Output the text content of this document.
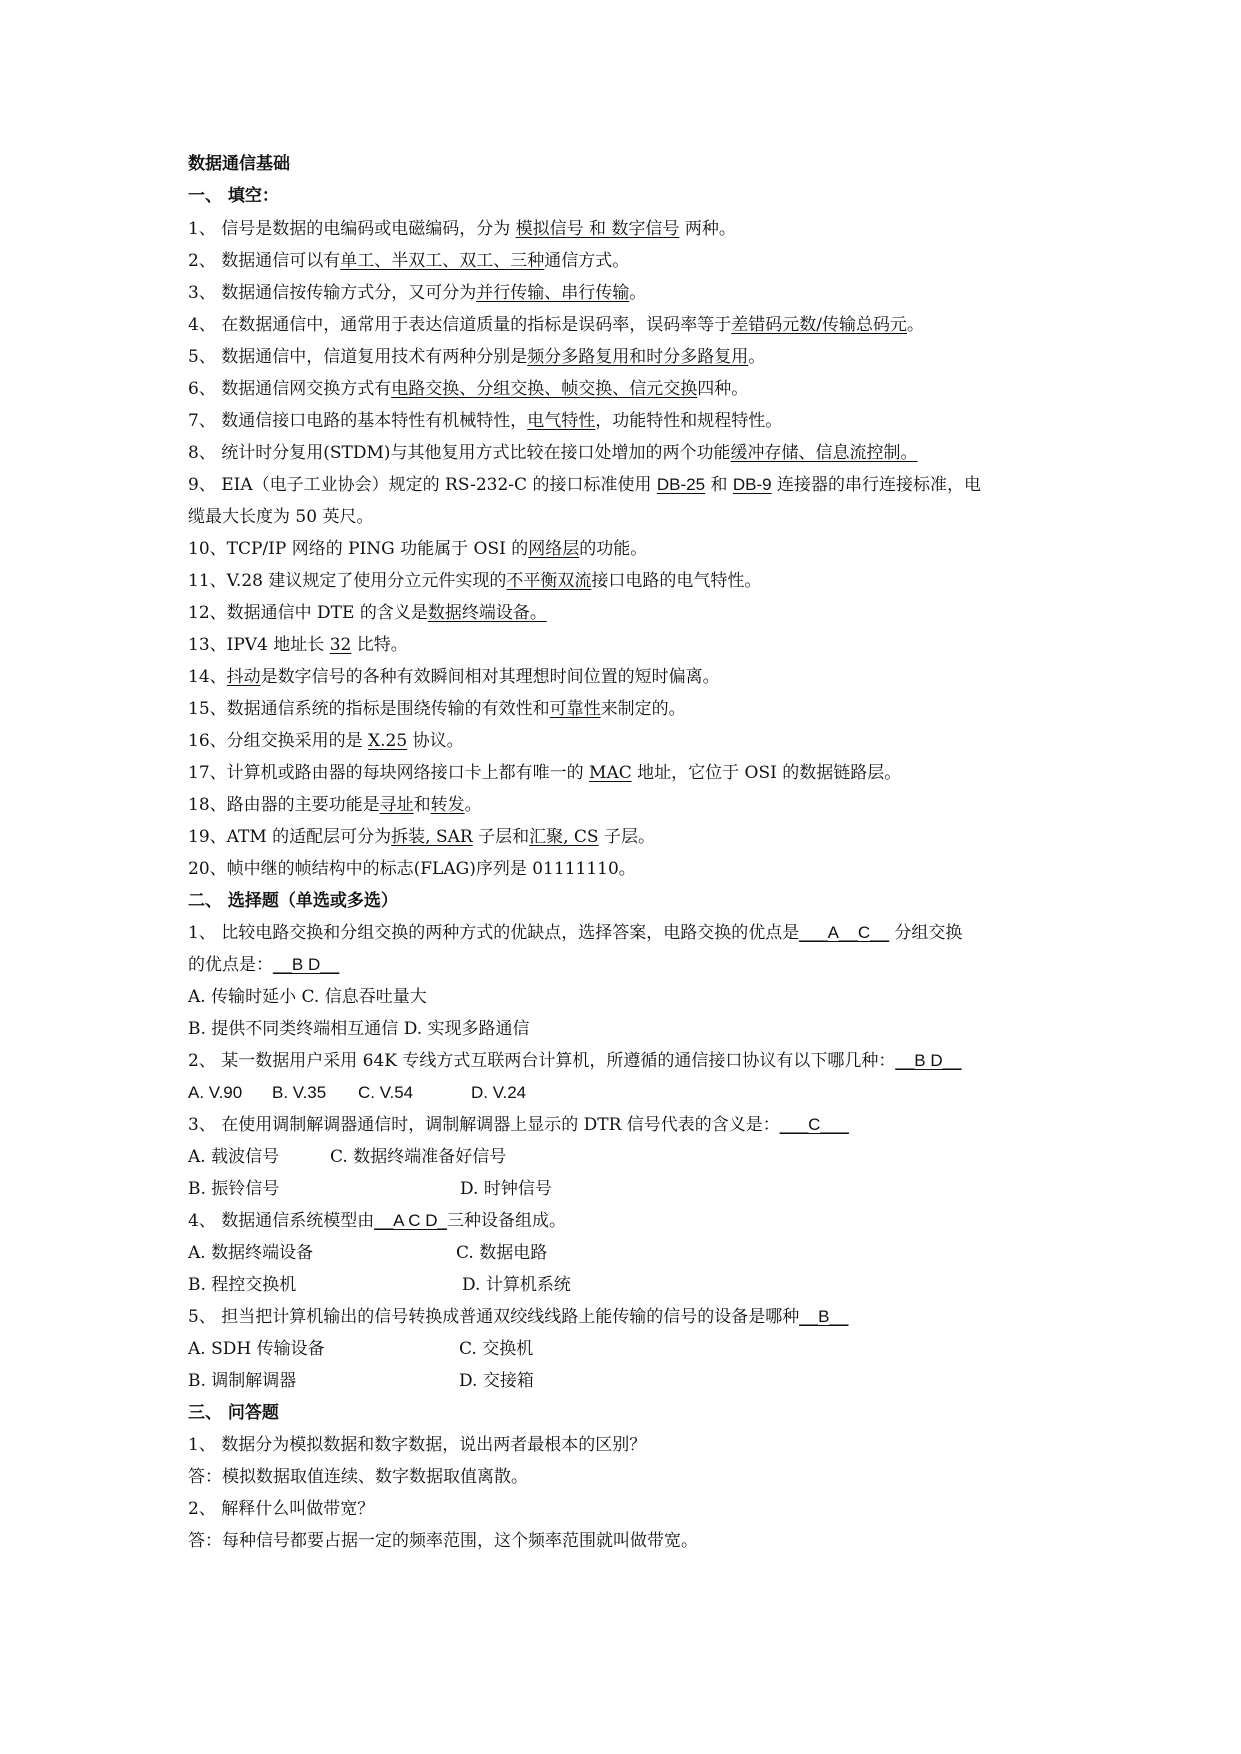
数据通信基础
一、 填空：
1、 信号是数据的电编码或电磁编码，分为 模拟信号 和 数字信号 两种。
2、 数据通信可以有单工、半双工、双工、三种通信方式。
3、 数据通信按传输方式分，又可分为并行传输、串行传输。
4、 在数据通信中，通常用于表达信道质量的指标是误码率，误码率等于差错码元数/传输总码元。
5、 数据通信中，信道复用技术有两种分别是频分多路复用和时分多路复用。
6、 数据通信网交换方式有电路交换、分组交换、帧交换、信元交换四种。
7、 数通信接口电路的基本特性有机械特性，电气特性，功能特性和规程特性。
8、 统计时分复用(STDM)与其他复用方式比较在接口处增加的两个功能缓冲存储、信息流控制。
9、 EIA（电子工业协会）规定的 RS-232-C 的接口标准使用 DB-25 和 DB-9 连接器的串行连接标准，电
缆最大长度为 50 英尺。
10、TCP/IP 网络的 PING 功能属于 OSI 的网络层的功能。
11、V.28 建议规定了使用分立元件实现的不平衡双流接口电路的电气特性。
12、数据通信中 DTE 的含义是数据终端设备。
13、IPV4 地址长 32 比特。
14、抖动是数字信号的各种有效瞬间相对其理想时间位置的短时偏离。
15、数据通信系统的指标是围绕传输的有效性和可靠性来制定的。
16、分组交换采用的是 X.25 协议。
17、计算机或路由器的每块网络接口卡上都有唯一的 MAC 地址，它位于 OSI 的数据链路层。
18、路由器的主要功能是寻址和转发。
19、ATM 的适配层可分为拆装, SAR 子层和汇聚, CS 子层。
20、帧中继的帧结构中的标志(FLAG)序列是 01111110。
二、 选择题（单选或多选）
1、 比较电路交换和分组交换的两种方式的优缺点，选择答案，电路交换的优点是___A__C__ 分组交换
的优点是：__B D__
A. 传输时延小 C. 信息吞吐量大
B. 提供不同类终端相互通信 D. 实现多路通信
2、 某一数据用户采用 64K 专线方式互联两台计算机，所遵循的通信接口协议有以下哪几种：__B D__
A. V.90 B. V.35 C. V.54	D. V.24
3、 在使用调制解调器通信时，调制解调器上显示的 DTR 信号代表的含义是：___C___
A. 载波信号	C. 数据终端准备好信号
B. 振铃信号	D. 时钟信号
4、 数据通信系统模型由__A C D_三种设备组成。
A. 数据终端设备	C. 数据电路
B. 程控交换机	D. 计算机系统
5、 担当把计算机输出的信号转换成普通双绞线线路上能传输的信号的设备是哪种__B__
A. SDH 传输设备	C. 交换机
B. 调制解调器	D. 交接箱
三、 问答题
1、 数据分为模拟数据和数字数据，说出两者最根本的区别？
答：模拟数据取值连续、数字数据取值离散。
2、 解释什么叫做带宽？
答：每种信号都要占据一定的频率范围，这个频率范围就叫做带宽。
